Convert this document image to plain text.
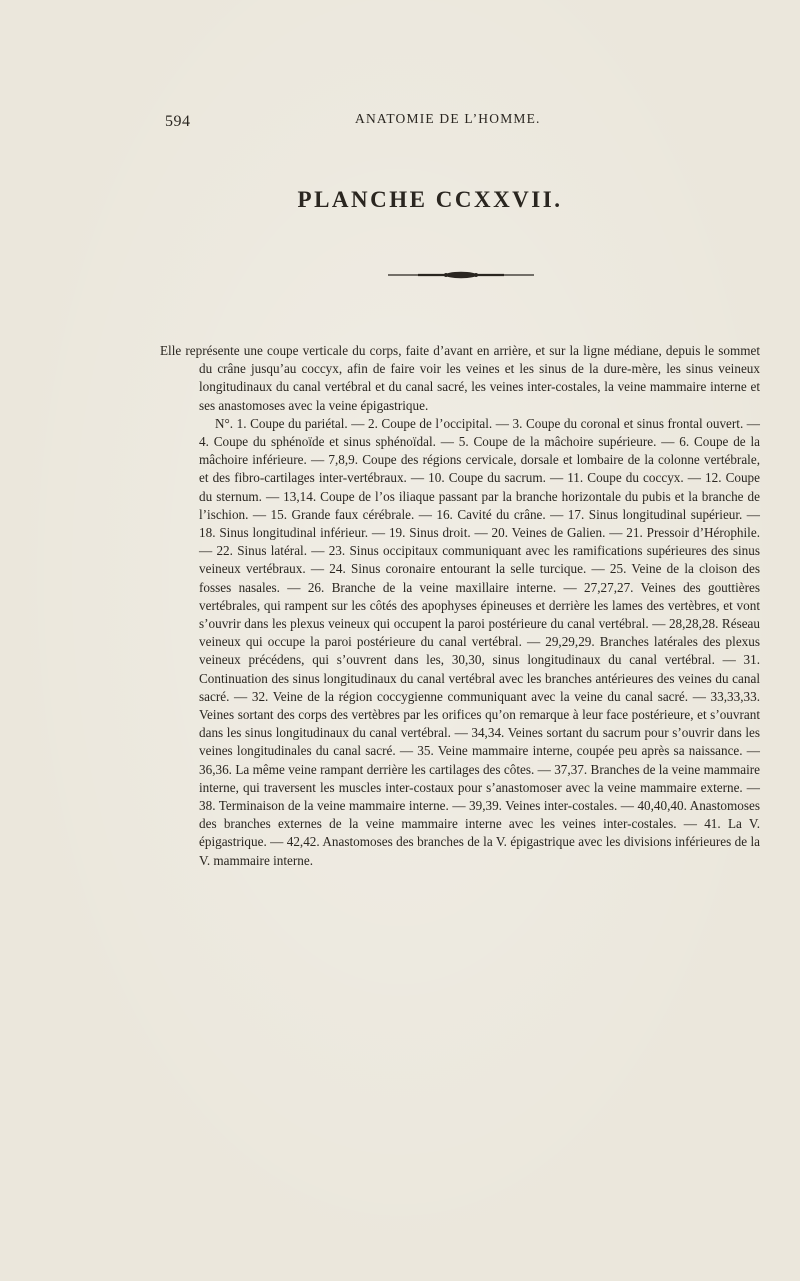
594	ANATOMIE DE L’HOMME.
PLANCHE CCXXVII.

Elle représente une coupe verticale du corps, faite d’avant en arrière, et sur la ligne médiane, depuis le sommet du crâne jusqu’au coccyx, afin de faire voir les veines et les sinus de la dure-mère, les sinus veineux longitudinaux du canal vertébral et du canal sacré, les veines inter-costales, la veine mammaire interne et ses anastomoses avec la veine épigastrique.

N°. 1. Coupe du pariétal. — 2. Coupe de l’occipital. — 3. Coupe du coronal et sinus frontal ouvert. — 4. Coupe du sphénoïde et sinus sphénoïdal. — 5. Coupe de la mâchoire supérieure. — 6. Coupe de la mâchoire inférieure. — 7,8,9. Coupe des régions cervicale, dorsale et lombaire de la colonne vertébrale, et des fibro-cartilages inter-vertébraux. — 10. Coupe du sacrum. — 11. Coupe du coccyx. — 12. Coupe du sternum. — 13,14. Coupe de l’os iliaque passant par la branche horizontale du pubis et la branche de l’ischion. — 15. Grande faux cérébrale. — 16. Cavité du crâne. — 17. Sinus longitudinal supérieur. — 18. Sinus longitudinal inférieur. — 19. Sinus droit. — 20. Veines de Galien. — 21. Pressoir d’Hérophile. — 22. Sinus latéral. — 23. Sinus occipitaux communiquant avec les ramifications supérieures des sinus veineux vertébraux. — 24. Sinus coronaire entourant la selle turcique. — 25. Veine de la cloison des fosses nasales. — 26. Branche de la veine maxillaire interne. — 27,27,27. Veines des gouttières vertébrales, qui rampent sur les côtés des apophyses épineuses et derrière les lames des vertèbres, et vont s’ouvrir dans les plexus veineux qui occupent la paroi postérieure du canal vertébral. — 28,28,28. Réseau veineux qui occupe la paroi postérieure du canal vertébral. — 29,29,29. Branches latérales des plexus veineux précédens, qui s’ouvrent dans les, 30,30, sinus longitudinaux du canal vertébral. — 31. Continuation des sinus longitudinaux du canal vertébral avec les branches antérieures des veines du canal sacré. — 32. Veine de la région coccygienne communiquant avec la veine du canal sacré. — 33,33,33. Veines sortant des corps des vertèbres par les orifices qu’on remarque à leur face postérieure, et s’ouvrant dans les sinus longitudinaux du canal vertébral. — 34,34. Veines sortant du sacrum pour s’ouvrir dans les veines longitudinales du canal sacré. — 35. Veine mammaire interne, coupée peu après sa naissance. — 36,36. La même veine rampant derrière les cartilages des côtes. — 37,37. Branches de la veine mammaire interne, qui traversent les muscles inter-costaux pour s’anastomoser avec la veine mammaire externe. — 38. Terminaison de la veine mammaire interne. — 39,39. Veines inter-costales. — 40,40,40. Anastomoses des branches externes de la veine mammaire interne avec les veines inter-costales. — 41. La V. épigastrique. — 42,42. Anastomoses des branches de la V. épigastrique avec les divisions inférieures de la V. mammaire interne.
